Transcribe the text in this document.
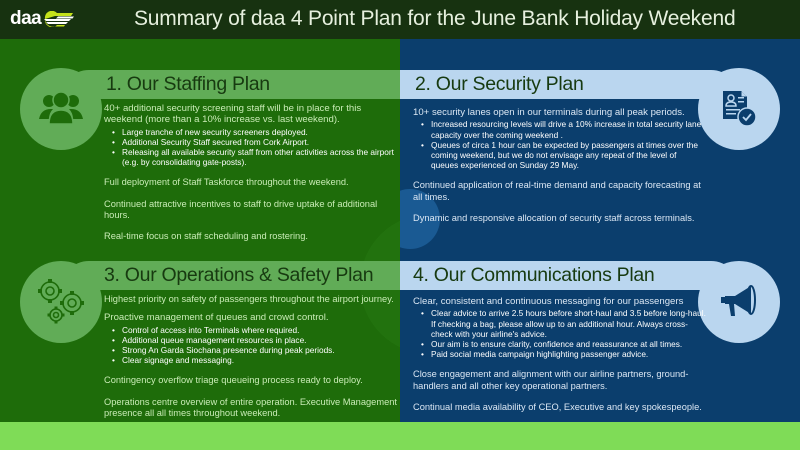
daa	Summary of daa 4 Point Plan for the June Bank Holiday Weekend
1. Our Staffing Plan

40+ additional security screening staff will be in place for this weekend (more than a 10% increase vs. last weekend).

• Large tranche of new security screeners deployed.
• Additional Security Staff secured from Cork Airport.
• Releasing all available security staff from other activities across the airport (e.g. by consolidating gate-posts).

Full deployment of Staff Taskforce throughout the weekend.

Continued attractive incentives to staff to drive uptake of additional hours.

Real-time focus on staff scheduling and rostering.

2. Our Security Plan

10+ security lanes open in our terminals during all peak periods.

• Increased resourcing levels will drive a 10% increase in total security lane capacity over the coming weekend .
• Queues of circa 1 hour can be expected by passengers at times over the coming weekend, but we do not envisage any repeat of the level of queues experienced on Sunday 29 May.

Continued application of real-time demand and capacity forecasting at all times.

Dynamic and responsive allocation of security staff across terminals.

3. Our Operations & Safety Plan

Highest priority on safety of passengers throughout the airport journey.

Proactive management of queues and crowd control.

• Control of access into Terminals where required.
• Additional queue management resources in place.
• Strong An Garda Siochana presence during peak periods.
• Clear signage and messaging.

Contingency overflow triage queueing process ready to deploy.

Operations centre overview of entire operation. Executive Management presence all all times throughout weekend.

4. Our Communications Plan

Clear, consistent and continuous messaging for our passengers

• Clear advice to arrive 2.5 hours before short-haul and 3.5 before long-haul. If checking a bag, please allow up to an additional hour. Always cross-check with your airline's advice.
• Our aim is to ensure clarity, confidence and reassurance at all times.
• Paid social media campaign highlighting passenger advice.

Close engagement and alignment with our airline partners, ground-handlers and all other key operational partners.

Continual media availability of CEO, Executive and key spokespeople.
